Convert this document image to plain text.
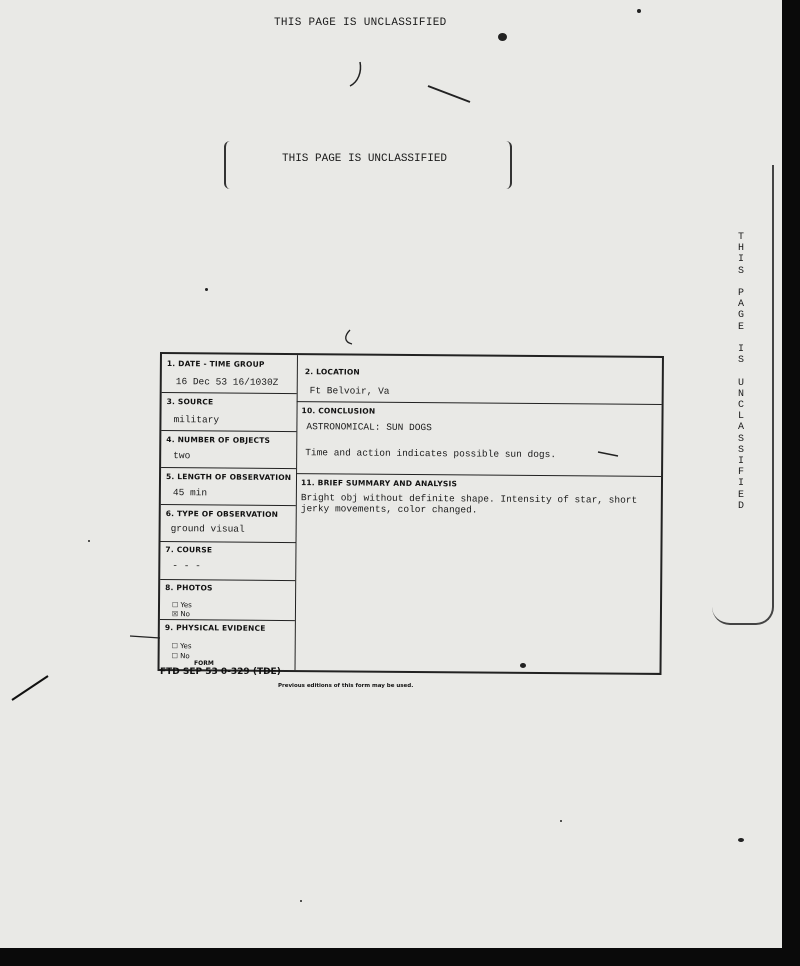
THIS PAGE IS UNCLASSIFIED
THIS PAGE IS UNCLASSIFIED
T
H
I
S

P
A
G
E

I
S

U
N
C
L
A
S
S
I
F
I
E
D
1. DATE - TIME GROUP
16 Dec 53 16/1030Z
3. SOURCE
military
4. NUMBER OF OBJECTS
two
5. LENGTH OF OBSERVATION
45 min
6. TYPE OF OBSERVATION
ground visual
7. COURSE
- - -
8. PHOTOS
☐ Yes
☒ No
9. PHYSICAL EVIDENCE
☐ Yes
☐ No
2. LOCATION
Ft Belvoir, Va
10. CONCLUSION
ASTRONOMICAL: SUN DOGS
Time and action indicates possible sun dogs.
11. BRIEF SUMMARY AND ANALYSIS
Bright obj without definite shape. Intensity of star, short jerky movements, color changed.
FORM
FTD SEP 53 0-329 (TDE)
Previous editions of this form may be used.
